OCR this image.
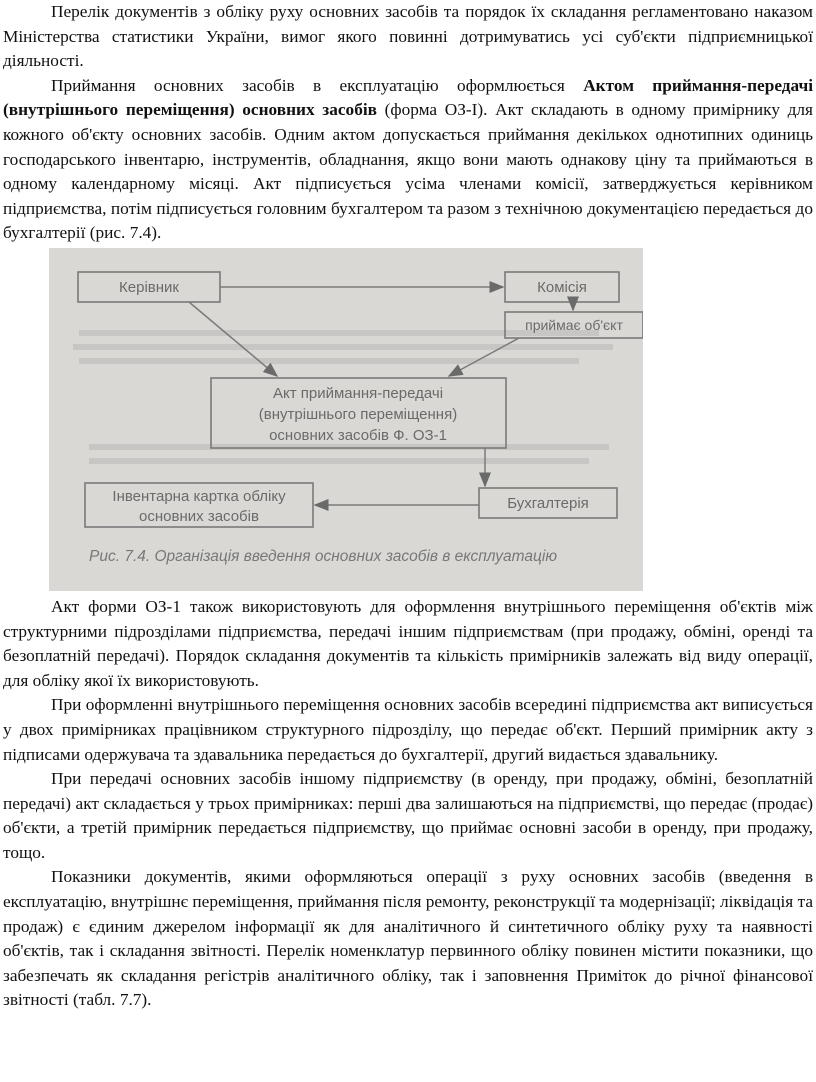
Перелік документів з обліку руху основних засобів та порядок їх складання регламентовано наказом Міністерства статистики України, вимог якого повинні дотримуватись усі суб'єкти підприємницької діяльності.

Приймання основних засобів в експлуатацію оформлюється Актом приймання-передачі (внутрішнього переміщення) основних засобів (форма ОЗ-І). Акт складають в одному примірнику для кожного об'єкту основних засобів. Одним актом допускається приймання декількох однотипних одиниць господарського інвентарю, інструментів, обладнання, якщо вони мають однакову ціну та приймаються в одному календарному місяці. Акт підписується усіма членами комісії, затверджується керівником підприємства, потім підписується головним бухгалтером та разом з технічною документацією передається до бухгалтерії (рис. 7.4).

Керівник	Комісія
приймає об'єкт
Акт приймання-передачі
(внутрішнього переміщення)
основних засобів Ф. ОЗ-1
Інвентарна картка обліку
основних засобів
Бухгалтерія
Рис. 7.4. Організація введення основних засобів в експлуатацію

Акт форми ОЗ-1 також використовують для оформлення внутрішнього переміщення об'єктів між структурними підрозділами підприємства, передачі іншим підприємствам (при продажу, обміні, оренді та безоплатній передачі). Порядок складання документів та кількість примірників залежать від виду операції, для обліку якої їх використовують.

При оформленні внутрішнього переміщення основних засобів всередині підприємства акт виписується у двох примірниках працівником структурного підрозділу, що передає об'єкт. Перший примірник акту з підписами одержувача та здавальника передається до бухгалтерії, другий видається здавальнику.

При передачі основних засобів іншому підприємству (в оренду, при продажу, обміні, безоплатній передачі) акт складається у трьох примірниках: перші два залишаються на підприємстві, що передає (продає) об'єкти, а третій примірник передається підприємству, що приймає основні засоби в оренду, при продажу, тощо.

Показники документів, якими оформляються операції з руху основних засобів (введення в експлуатацію, внутрішнє переміщення, приймання після ремонту, реконструкції та модернізації; ліквідація та продаж) є єдиним джерелом інформації як для аналітичного й синтетичного обліку руху та наявності об'єктів, так і складання звітності. Перелік номенклатур первинного обліку повинен містити показники, що забезпечать як складання регістрів аналітичного обліку, так і заповнення Приміток до річної фінансової звітності (табл. 7.7).
